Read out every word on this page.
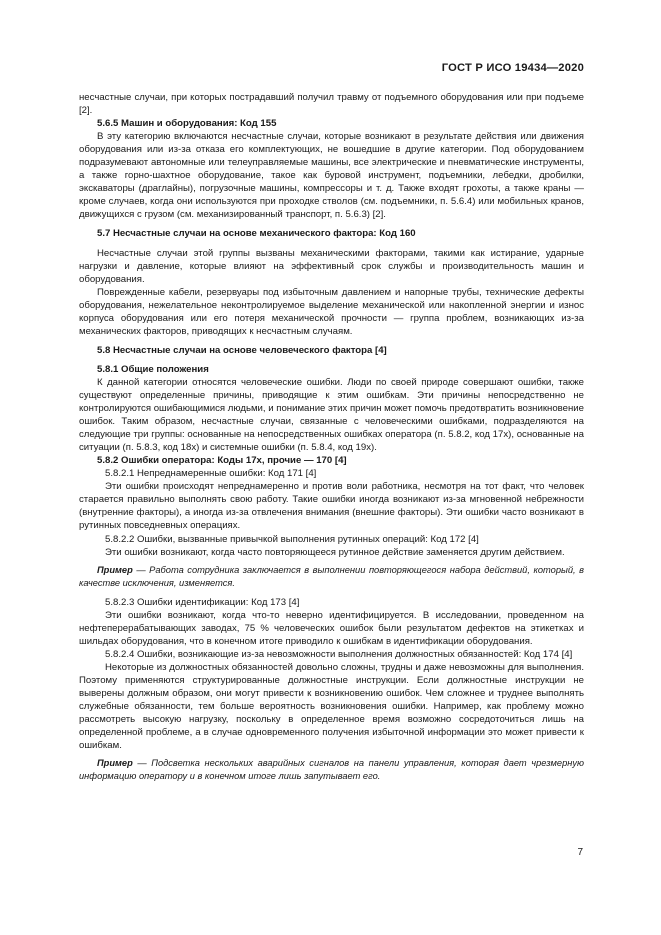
ГОСТ Р ИСО 19434—2020

несчастные случаи, при которых пострадавший получил травму от подъемного оборудования или при подъеме [2].

5.6.5 Машин и оборудования: Код 155

В эту категорию включаются несчастные случаи, которые возникают в результате действия или движения оборудования или из-за отказа его комплектующих, не вошедшие в другие категории. Под оборудованием подразумевают автономные или телеуправляемые машины, все электрические и пневматические инструменты, а также горно-шахтное оборудование, такое как буровой инструмент, подъемники, лебедки, дробилки, экскаваторы (драглайны), погрузочные машины, компрессоры и т. д. Также входят грохоты, а также краны — кроме случаев, когда они используются при проходке стволов (см. подъемники, п. 5.6.4) или мобильных кранов, движущихся с грузом (см. механизированный транспорт, п. 5.6.3) [2].

5.7 Несчастные случаи на основе механического фактора: Код 160

Несчастные случаи этой группы вызваны механическими факторами, такими как истирание, ударные нагрузки и давление, которые влияют на эффективный срок службы и производительность машин и оборудования.

Поврежденные кабели, резервуары под избыточным давлением и напорные трубы, технические дефекты оборудования, нежелательное неконтролируемое выделение механической или накопленной энергии и износ корпуса оборудования или его потеря механической прочности — группа проблем, возникающих из-за механических факторов, приводящих к несчастным случаям.

5.8 Несчастные случаи на основе человеческого фактора [4]

5.8.1 Общие положения

К данной категории относятся человеческие ошибки. Люди по своей природе совершают ошибки, также существуют определенные причины, приводящие к этим ошибкам. Эти причины непосредственно не контролируются ошибающимися людьми, и понимание этих причин может помочь предотвратить возникновение ошибок. Таким образом, несчастные случаи, связанные с человеческими ошибками, подразделяются на следующие три группы: основанные на непосредственных ошибках оператора (п. 5.8.2, код 17х), основанные на ситуации (п. 5.8.3, код 18х) и системные ошибки (п. 5.8.4, код 19х).

5.8.2 Ошибки оператора: Коды 17х, прочие — 170 [4]

5.8.2.1 Непреднамеренные ошибки: Код 171 [4]

Эти ошибки происходят непреднамеренно и против воли работника, несмотря на тот факт, что человек старается правильно выполнять свою работу. Такие ошибки иногда возникают из-за мгновенной небрежности (внутренние факторы), а иногда из-за отвлечения внимания (внешние факторы). Эти ошибки часто возникают в рутинных повседневных операциях.

5.8.2.2 Ошибки, вызванные привычкой выполнения рутинных операций: Код 172 [4]

Эти ошибки возникают, когда часто повторяющееся рутинное действие заменяется другим действием.

Пример — Работа сотрудника заключается в выполнении повторяющегося набора действий, который, в качестве исключения, изменяется.

5.8.2.3 Ошибки идентификации: Код 173 [4]

Эти ошибки возникают, когда что-то неверно идентифицируется. В исследовании, проведенном на нефтеперерабатывающих заводах, 75 % человеческих ошибок были результатом дефектов на этикетках и шильдах оборудования, что в конечном итоге приводило к ошибкам в идентификации оборудования.

5.8.2.4 Ошибки, возникающие из-за невозможности выполнения должностных обязанностей: Код 174 [4]

Некоторые из должностных обязанностей довольно сложны, трудны и даже невозможны для выполнения. Поэтому применяются структурированные должностные инструкции. Если должностные инструкции не выверены должным образом, они могут привести к возникновению ошибок. Чем сложнее и труднее выполнять служебные обязанности, тем больше вероятность возникновения ошибки. Например, как проблему можно рассмотреть высокую нагрузку, поскольку в определенное время возможно сосредоточиться лишь на определенной проблеме, а в случае одновременного получения избыточной информации это может привести к ошибкам.

Пример — Подсветка нескольких аварийных сигналов на панели управления, которая дает чрезмерную информацию оператору и в конечном итоге лишь запутывает его.

7
